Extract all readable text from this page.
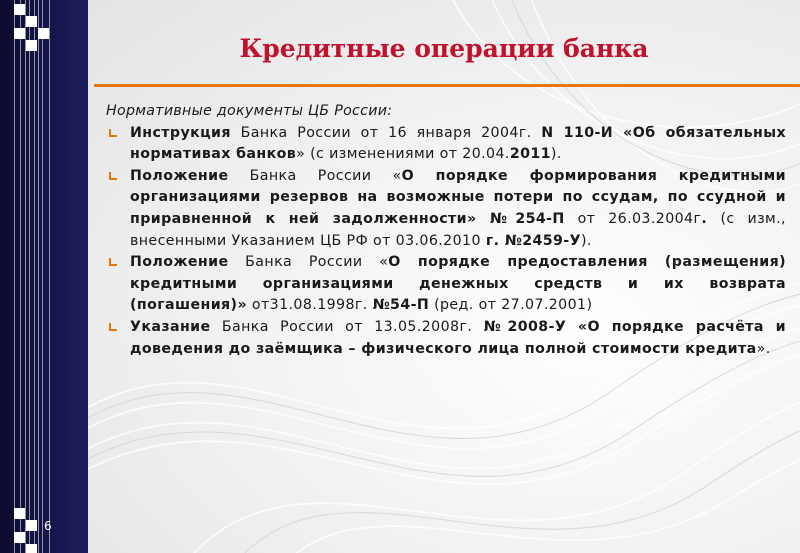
6
Кредитные операции банка
Нормативные документы ЦБ России:
Инструкция Банка России от 16 января 2004г. N 110-И «Об обязательных нормативах банков» (с изменениями от 20.04.2011).
Положение Банка России «О порядке формирования кредитными организациями резервов на возможные потери по ссудам, по ссудной и приравненной к ней задолженности» №254-П от 26.03.2004г. (с изм., внесенными Указанием ЦБ РФ от 03.06.2010 г. №2459-У).
Положение Банка России «О порядке предоставления (размещения) кредитными организациями денежных средств и их возврата (погашения)» от31.08.1998г. №54-П (ред. от 27.07.2001)
Указание Банка России от 13.05.2008г. №2008-У «О порядке расчёта и доведения до заёмщика – физического лица полной стоимости кредита».
